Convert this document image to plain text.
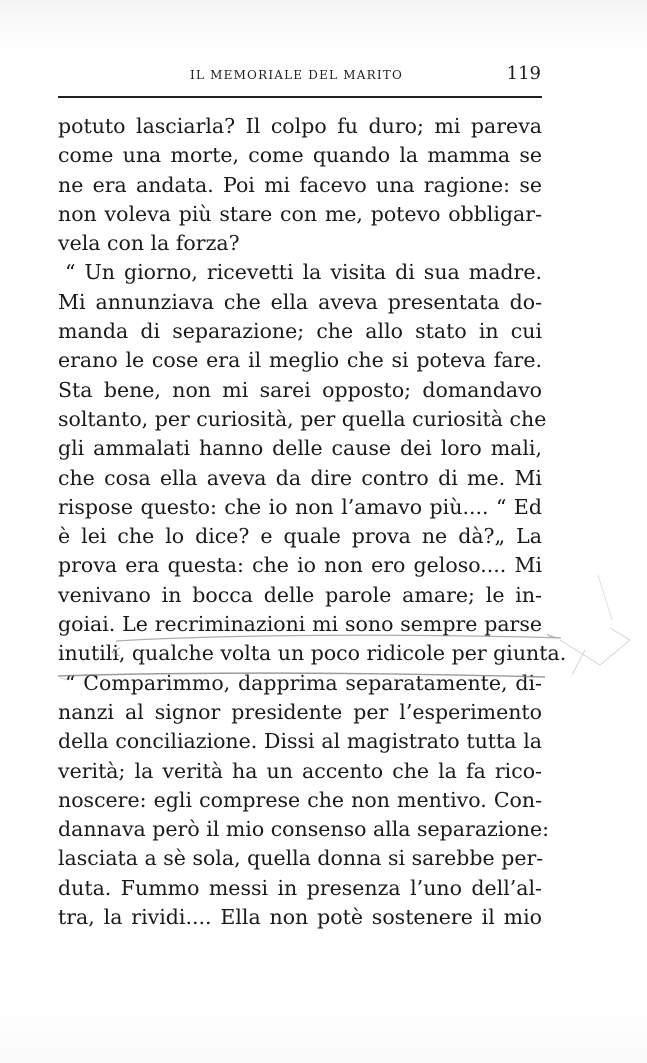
IL MEMORIALE DEL MARITO	119
potuto lasciarla? Il colpo fu duro; mi pareva
come una morte, come quando la mamma se
ne era andata. Poi mi facevo una ragione: se
non voleva più stare con me, potevo obbligar-
vela con la forza?
“ Un giorno, ricevetti la visita di sua madre.
Mi annunziava che ella aveva presentata do-
manda di separazione; che allo stato in cui
erano le cose era il meglio che si poteva fare.
Sta bene, non mi sarei opposto; domandavo
soltanto, per curiosità, per quella curiosità che
gli ammalati hanno delle cause dei loro mali,
che cosa ella aveva da dire contro di me. Mi
rispose questo: che io non l’amavo più.... “ Ed
è lei che lo dice? e quale prova ne dà?„ La
prova era questa: che io non ero geloso.... Mi
venivano in bocca delle parole amare; le in-
goiai. Le recriminazioni mi sono sempre parse
inutili, qualche volta un poco ridicole per giunta.
“ Comparimmo, dapprima separatamente, di-
nanzi al signor presidente per l’esperimento
della conciliazione. Dissi al magistrato tutta la
verità; la verità ha un accento che la fa rico-
noscere: egli comprese che non mentivo. Con-
dannava però il mio consenso alla separazione:
lasciata a sè sola, quella donna si sarebbe per-
duta. Fummo messi in presenza l’uno dell’al-
tra, la rividi.... Ella non potè sostenere il mio
